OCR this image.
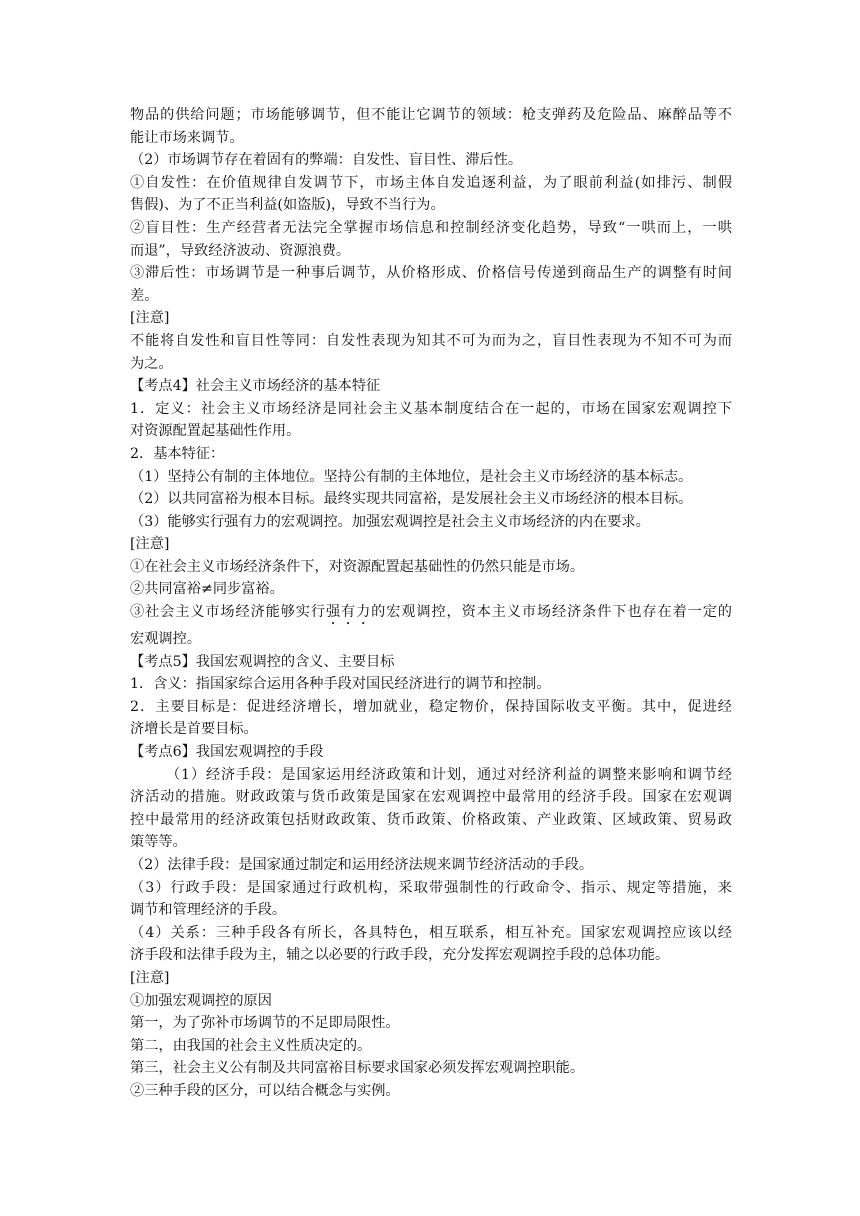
物品的供给问题；市场能够调节，但不能让它调节的领域：枪支弹药及危险品、麻醉品等不
能让市场来调节。
（2）市场调节存在着固有的弊端：自发性、盲目性、滞后性。
①自发性：在价值规律自发调节下，市场主体自发追逐利益，为了眼前利益(如排污、制假
售假)、为了不正当利益(如盗版)，导致不当行为。
②盲目性：生产经营者无法完全掌握市场信息和控制经济变化趋势，导致“一哄而上，一哄
而退”，导致经济波动、资源浪费。
③滞后性：市场调节是一种事后调节，从价格形成、价格信号传递到商品生产的调整有时间
差。
[注意]
不能将自发性和盲目性等同：自发性表现为知其不可为而为之，盲目性表现为不知不可为而
为之。
【考点4】社会主义市场经济的基本特征
1．定义：社会主义市场经济是同社会主义基本制度结合在一起的，市场在国家宏观调控下
对资源配置起基础性作用。
2．基本特征：
（1）坚持公有制的主体地位。坚持公有制的主体地位，是社会主义市场经济的基本标志。
（2）以共同富裕为根本目标。最终实现共同富裕，是发展社会主义市场经济的根本目标。
（3）能够实行强有力的宏观调控。加强宏观调控是社会主义市场经济的内在要求。
[注意]
①在社会主义市场经济条件下，对资源配置起基础性的仍然只能是市场。
②共同富裕≠同步富裕。
③社会主义市场经济能够实行强有力的宏观调控，资本主义市场经济条件下也存在着一定的
宏观调控。
【考点5】我国宏观调控的含义、主要目标
1．含义：指国家综合运用各种手段对国民经济进行的调节和控制。
2．主要目标是：促进经济增长，增加就业，稳定物价，保持国际收支平衡。其中，促进经
济增长是首要目标。
【考点6】我国宏观调控的手段
（1）经济手段：是国家运用经济政策和计划，通过对经济利益的调整来影响和调节经
济活动的措施。财政政策与货币政策是国家在宏观调控中最常用的经济手段。国家在宏观调
控中最常用的经济政策包括财政政策、货币政策、价格政策、产业政策、区域政策、贸易政
策等等。
（2）法律手段：是国家通过制定和运用经济法规来调节经济活动的手段。
（3）行政手段：是国家通过行政机构，采取带强制性的行政命令、指示、规定等措施，来
调节和管理经济的手段。
（4）关系：三种手段各有所长，各具特色，相互联系，相互补充。国家宏观调控应该以经
济手段和法律手段为主，辅之以必要的行政手段，充分发挥宏观调控手段的总体功能。
[注意]
①加强宏观调控的原因
第一，为了弥补市场调节的不足即局限性。
第二，由我国的社会主义性质决定的。
第三，社会主义公有制及共同富裕目标要求国家必须发挥宏观调控职能。
②三种手段的区分，可以结合概念与实例。
